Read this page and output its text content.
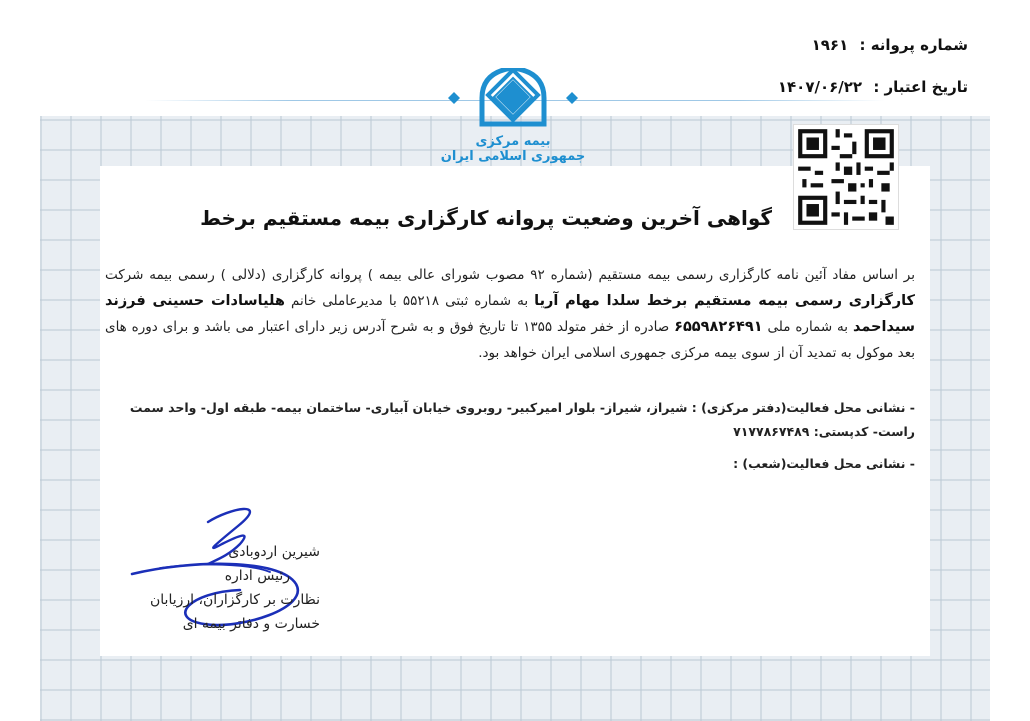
شماره پروانه : ۱۹۶۱
تاریخ اعتبار : ۱۴۰۷/۰۶/۲۲
بیمه مرکزی
جمهوری اسلامی ایران
گواهی آخرین وضعیت پروانه کارگزاری بیمه مستقیم برخط
بر اساس مفاد آئین نامه کارگزاری رسمی بیمه مستقیم (شماره ۹۲ مصوب شورای عالی بیمه ) پروانه کارگزاری (دلالی ) رسمی بیمه شرکت کارگزاری رسمی بیمه مستقیم برخط سلدا مهام آریا به شماره ثبتی ۵۵۲۱۸ با مدیرعاملی خانم هلیاسادات حسینی فرزند سیداحمد به شماره ملی ۶۵۵۹۸۲۶۴۹۱ صادره از خفر متولد ۱۳۵۵ تا تاریخ فوق و به شرح آدرس زیر دارای اعتبار می باشد و برای دوره های بعد موکول به تمدید آن از سوی بیمه مرکزی جمهوری اسلامی ایران خواهد بود.
- نشانی محل فعالیت(دفتر مرکزی) : شیراز، شیراز- بلوار امیرکبیر- روبروی خیابان آبیاری- ساختمان بیمه- طبقه اول- واحد سمت راست- کدپستی: ۷۱۷۷۸۶۷۴۸۹
- نشانی محل فعالیت(شعب) :
شیرین اردوبادی
رئیس اداره
نظارت بر کارگزاران، ارزیابان
خسارت و دفاتر بیمه ای
